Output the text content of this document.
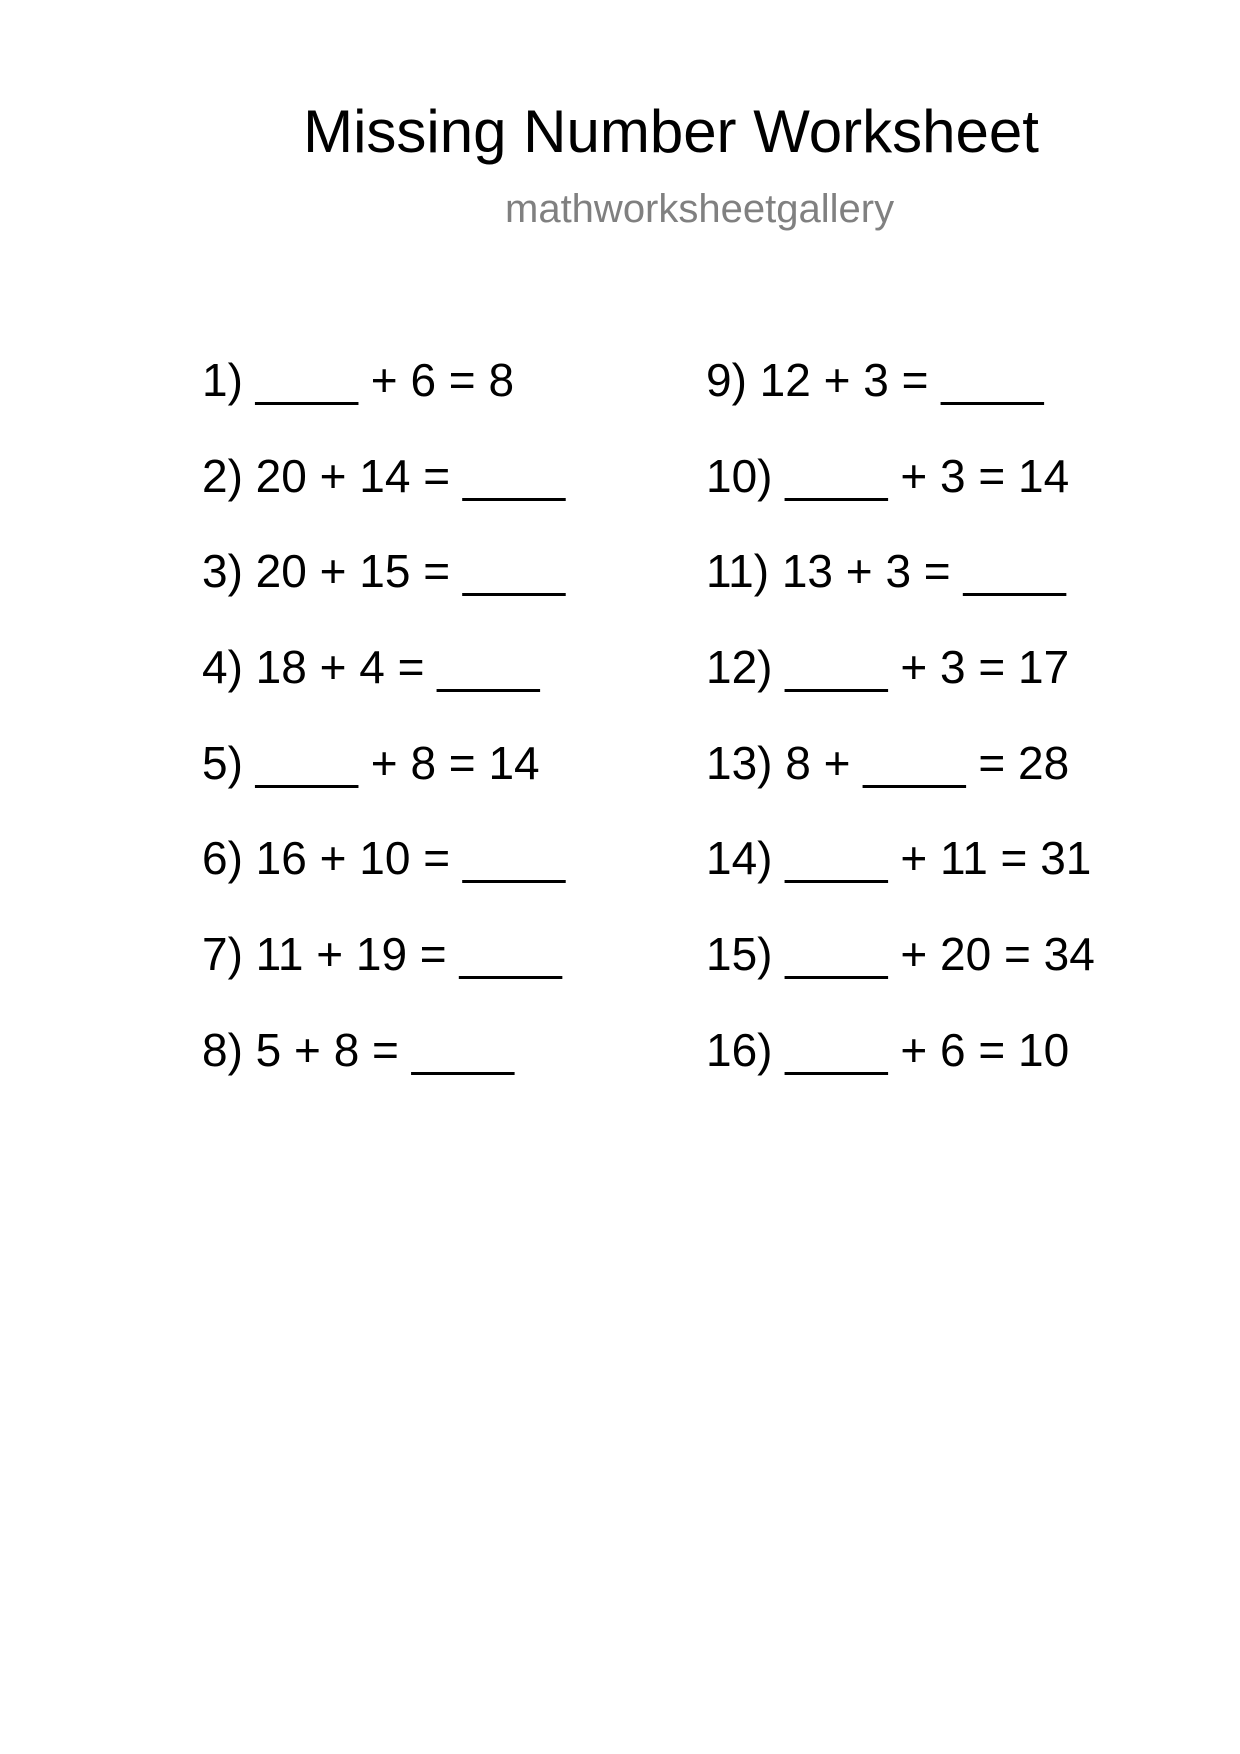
Missing Number Worksheet
mathworksheetgallery
1) ____ + 6 = 8
2) 20 + 14 = ____
3) 20 + 15 = ____
4) 18 + 4 = ____
5) ____ + 8 = 14
6) 16 + 10 = ____
7) 11 + 19 = ____
8) 5 + 8 = ____
9) 12 + 3 = ____
10) ____ + 3 = 14
11) 13 + 3 = ____
12) ____ + 3 = 17
13) 8 + ____ = 28
14) ____ + 11 = 31
15) ____ + 20 = 34
16) ____ + 6 = 10
